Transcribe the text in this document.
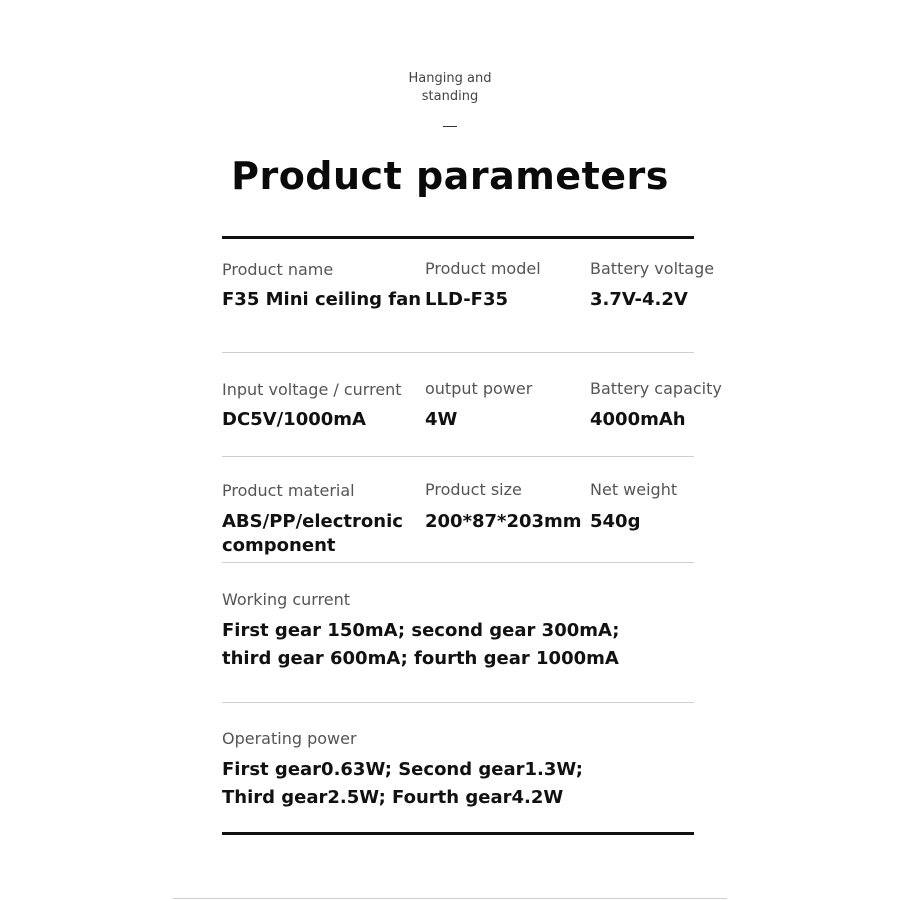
Hanging and
standing
Product parameters
Product name
F35 Mini ceiling fan
Product model
LLD-F35
Battery voltage
3.7V-4.2V
Input voltage / current
DC5V/1000mA
output power
4W
Battery capacity
4000mAh
Product material
ABS/PP/electronic component
Product size
200*87*203mm
Net weight
540g
Working current
First gear 150mA; second gear 300mA;
third gear 600mA; fourth gear 1000mA
Operating power
First gear0.63W; Second gear1.3W;
Third gear2.5W; Fourth gear4.2W
